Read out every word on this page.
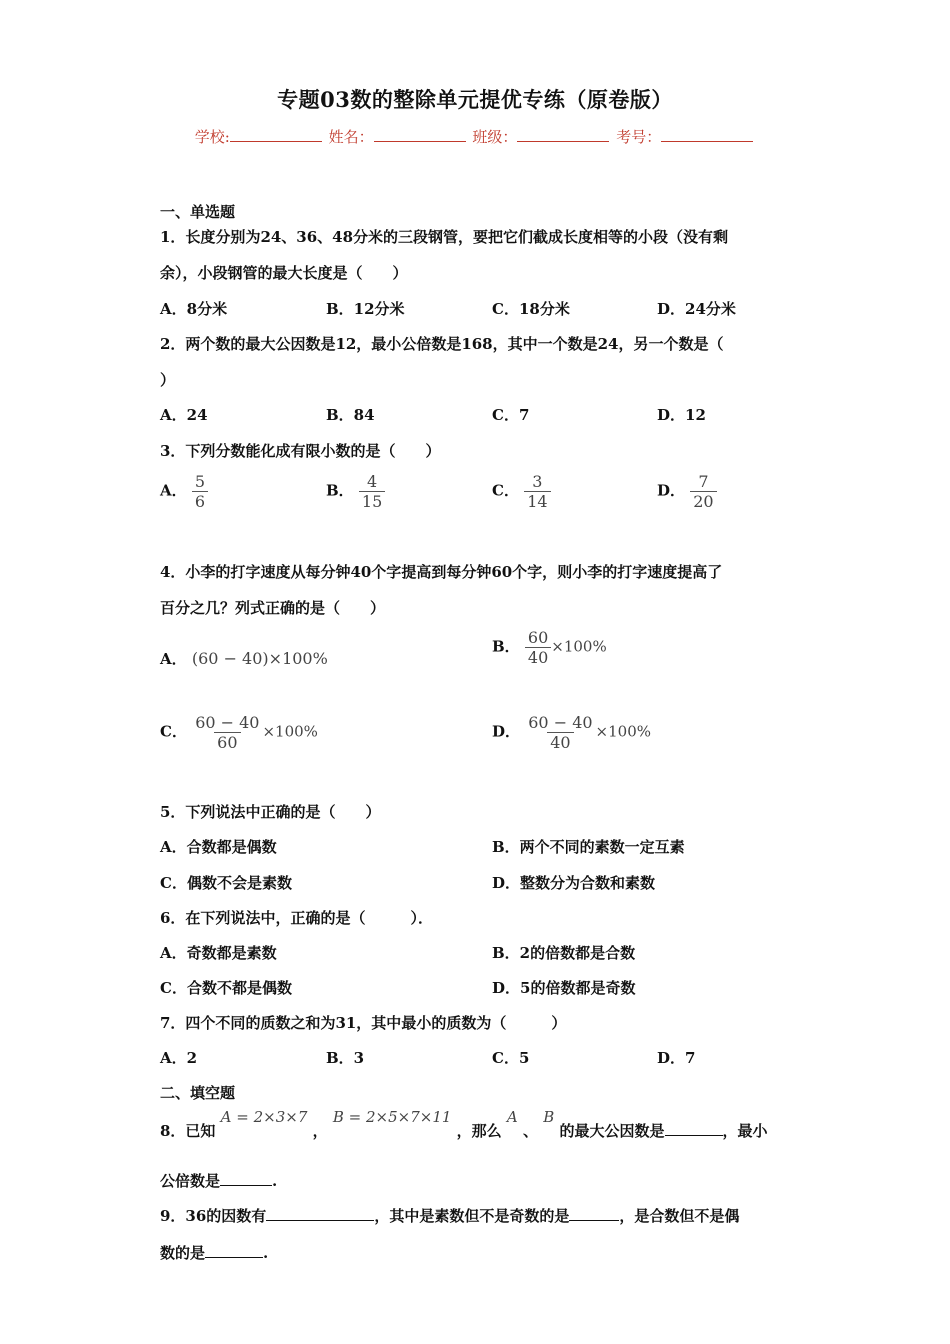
专题03数的整除单元提优专练（原卷版）
学校:	姓名：	班级：	考号：
一、单选题
1．长度分别为24、36、48分米的三段钢管，要把它们截成长度相等的小段（没有剩
余），小段钢管的最大长度是（　　）
A．8分米	B．12分米	C．18分米	D．24分米
2．两个数的最大公因数是12，最小公倍数是168，其中一个数是24，另一个数是（
）
A．24	B．84	C．7	D．12
3．下列分数能化成有限小数的是（　　）
A． $\frac{5}{6}$	B． $\frac{4}{15}$	C． $\frac{3}{14}$	D． $\frac{7}{20}$
4．小李的打字速度从每分钟40个字提高到每分钟60个字，则小李的打字速度提高了
百分之几？列式正确的是（　　）
A． (60 − 40)×100%
B． $\frac{60}{40} \times 100\%$
C． $\frac{60 - 40}{60} \times 100\%$	D． $\frac{60 - 40}{40} \times 100\%$
5．下列说法中正确的是（　　）
A．合数都是偶数	B．两个不同的素数一定互素
C．偶数不会是素数	D．整数分为合数和素数
6．在下列说法中，正确的是（　　　）．
A．奇数都是素数	B．2的倍数都是合数
C．合数不都是偶数	D．5的倍数都是奇数
7．四个不同的质数之和为31，其中最小的质数为（　　　）
A．2	B．3	C．5	D．7
二、填空题
8．已知 A = 2×3×7 ， B = 2×5×7×11 ，那么 A 、 B 的最大公因数是	，最小
公倍数是	.
9．36的因数有	，其中是素数但不是奇数的是	，是合数但不是偶
数的是	.
